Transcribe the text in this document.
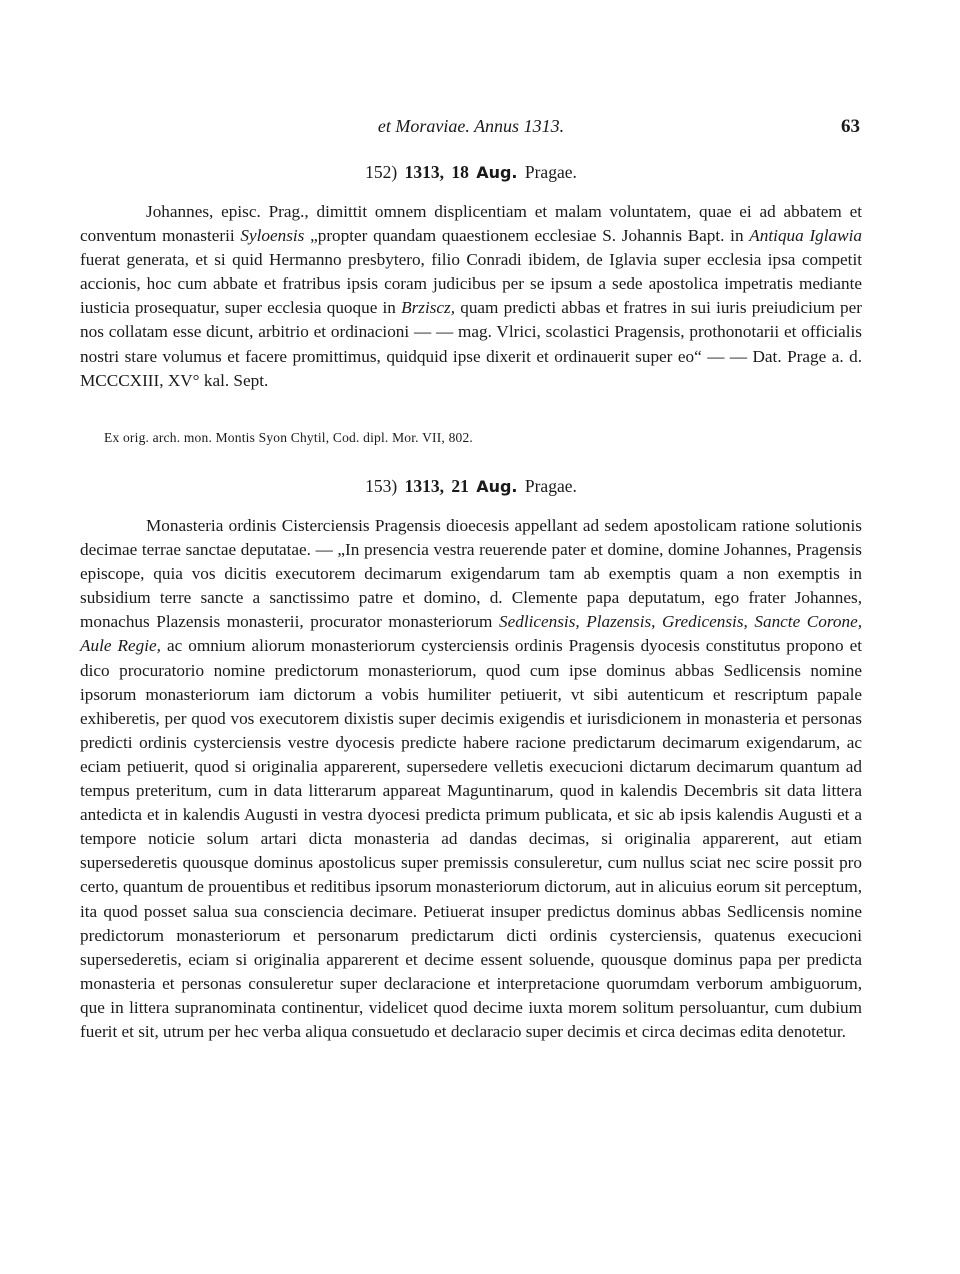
et Moraviae. Annus 1313.	63
152) 1313, 18 Aug. Pragae.

Johannes, episc. Prag., dimittit omnem displicentiam et malam voluntatem, quae ei ad abbatem et conventum monasterii Syloensis „propter quandam quaestionem ecclesiae S. Johannis Bapt. in Antiqua Iglawia fuerat generata, et si quid Hermanno presbytero, filio Conradi ibidem, de Iglavia super ecclesia ipsa competit accionis, hoc cum abbate et fratribus ipsis coram judicibus per se ipsum a sede apostolica impetratis mediante iusticia prosequatur, super ecclesia quoque in Brziscz, quam predicti abbas et fratres in sui iuris preiudicium per nos collatam esse dicunt, arbitrio et ordinacioni — — mag. Vlrici, scolastici Pragensis, prothonotarii et officialis nostri stare volumus et facere promittimus, quidquid ipse dixerit et ordinauerit super eo“ — — Dat. Prage a. d. MCCCXIII, XV° kal. Sept.

Ex orig. arch. mon. Montis Syon Chytil, Cod. dipl. Mor. VII, 802.
153) 1313, 21 Aug. Pragae.

Monasteria ordinis Cisterciensis Pragensis dioecesis appellant ad sedem apostolicam ratione solutionis decimae terrae sanctae deputatae. — „In presencia vestra reuerende pater et domine, domine Johannes, Pragensis episcope, quia vos dicitis executorem decimarum exigendarum tam ab exemptis quam a non exemptis in subsidium terre sancte a sanctissimo patre et domino, d. Clemente papa deputatum, ego frater Johannes, monachus Plazensis monasterii, procurator monasteriorum Sedlicensis, Plazensis, Gredicensis, Sancte Corone, Aule Regie, ac omnium aliorum monasteriorum cysterciensis ordinis Pragensis dyocesis constitutus propono et dico procuratorio nomine predictorum monasteriorum, quod cum ipse dominus abbas Sedlicensis nomine ipsorum monasteriorum iam dictorum a vobis humiliter petiuerit, vt sibi autenticum et rescriptum papale exhiberetis, per quod vos executorem dixistis super decimis exigendis et iurisdicionem in monasteria et personas predicti ordinis cysterciensis vestre dyocesis predicte habere racione predictarum decimarum exigendarum, ac eciam petiuerit, quod si originalia apparerent, supersedere velletis execucioni dictarum decimarum quantum ad tempus preteritum, cum in data litterarum appareat Maguntinarum, quod in kalendis Decembris sit data littera antedicta et in kalendis Augusti in vestra dyocesi predicta primum publicata, et sic ab ipsis kalendis Augusti et a tempore noticie solum artari dicta monasteria ad dandas decimas, si originalia apparerent, aut etiam supersederetis quousque dominus apostolicus super premissis consuleretur, cum nullus sciat nec scire possit pro certo, quantum de prouentibus et reditibus ipsorum monasteriorum dictorum, aut in alicuius eorum sit perceptum, ita quod posset salua sua consciencia decimare. Petiuerat insuper predictus dominus abbas Sedlicensis nomine predictorum monasteriorum et personarum predictarum dicti ordinis cysterciensis, quatenus execucioni supersederetis, eciam si originalia apparerent et decime essent soluende, quousque dominus papa per predicta monasteria et personas consuleretur super declaracione et interpretacione quorumdam verborum ambiguorum, que in littera supranominata continentur, videlicet quod decime iuxta morem solitum persoluantur, cum dubium fuerit et sit, utrum per hec verba aliqua consuetudo et declaracio super decimis et circa decimas edita denotetur.
